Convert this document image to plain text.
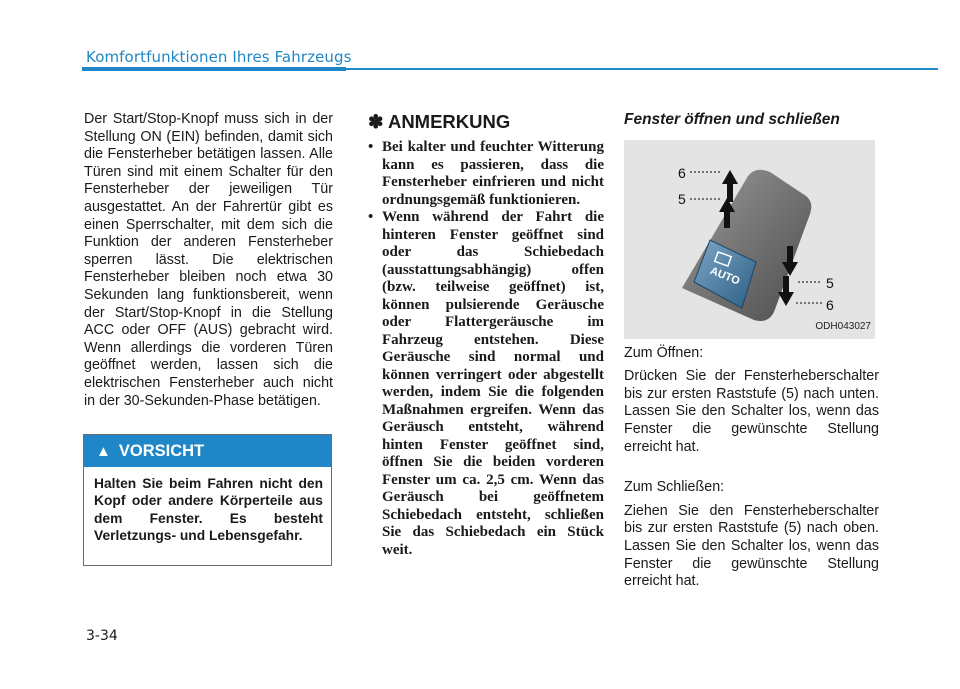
Komfortfunktionen Ihres Fahrzeugs
Der Start/Stop-Knopf muss sich in der Stellung ON (EIN) befinden, damit sich die Fensterheber betätigen lassen. Alle Türen sind mit einem Schalter für den Fensterheber der jeweiligen Tür ausgestattet. An der Fahrertür gibt es einen Sperrschalter, mit dem sich die Funktion der anderen Fensterheber sperren lässt. Die elektrischen Fensterheber bleiben noch etwa 30 Sekunden lang funktionsbereit, wenn der Start/Stop-Knopf in die Stellung ACC oder OFF (AUS) gebracht wird. Wenn allerdings die vorderen Türen geöffnet werden, lassen sich die elektrischen Fensterheber auch nicht in der 30-Sekunden-Phase betätigen.
▲ VORSICHT
Halten Sie beim Fahren nicht den Kopf oder andere Körperteile aus dem Fenster. Es besteht Verletzungs- und Lebensgefahr.
✽ ANMERKUNG
• Bei kalter und feuchter Witterung kann es passieren, dass die Fensterheber einfrieren und nicht ordnungsgemäß funktionieren.
• Wenn während der Fahrt die hinteren Fenster geöffnet sind oder das Schiebedach (ausstattungsabhängig) offen (bzw. teilweise geöffnet) ist, können pulsierende Geräusche oder Flattergeräusche im Fahrzeug entstehen. Diese Geräusche sind normal und können verringert oder abgestellt werden, indem Sie die folgenden Maßnahmen ergreifen. Wenn das Geräusch entsteht, während hinten Fenster geöffnet sind, öffnen Sie die beiden vorderen Fenster um ca. 2,5 cm. Wenn das Geräusch bei geöffnetem Schiebedach entsteht, schließen Sie das Schiebedach ein Stück weit.
Fenster öffnen und schließen
AUTO
6
5
5
6
ODH043027
Zum Öffnen:
Drücken Sie der Fensterheberschalter bis zur ersten Raststufe (5) nach unten. Lassen Sie den Schalter los, wenn das Fenster die gewünschte Stellung erreicht hat.
Zum Schließen:
Ziehen Sie den Fensterheberschalter bis zur ersten Raststufe (5) nach oben. Lassen Sie den Schalter los, wenn das Fenster die gewünschte Stellung erreicht hat.
3-34
